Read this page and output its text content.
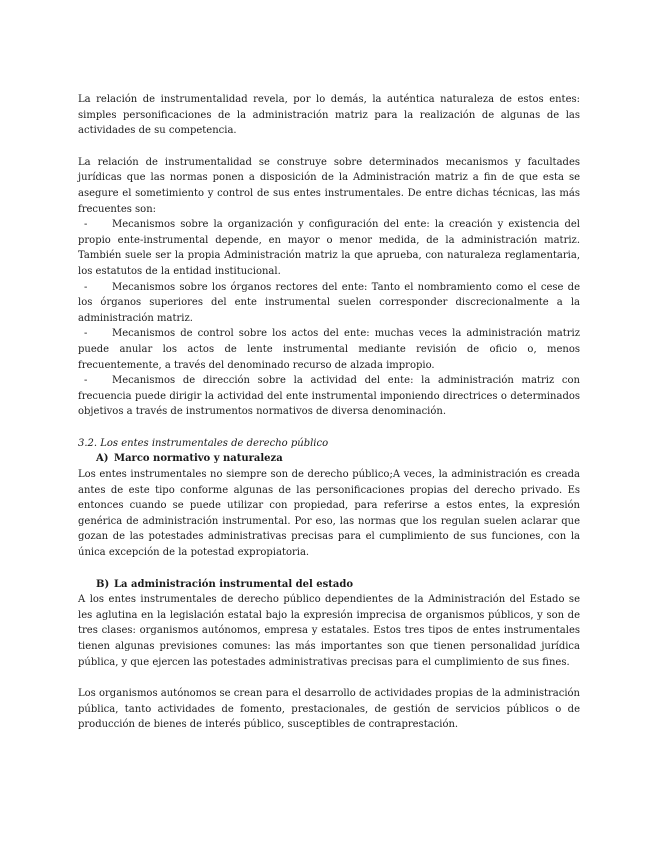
La relación de instrumentalidad revela, por lo demás, la auténtica naturaleza de estos entes: simples personificaciones de la administración matriz para la realización de algunas de las actividades de su competencia.

La relación de instrumentalidad se construye sobre determinados mecanismos y facultades jurídicas que las normas ponen a disposición de la Administración matriz a fin de que esta se asegure el sometimiento y control de sus entes instrumentales. De entre dichas técnicas, las más frecuentes son:

- Mecanismos sobre la organización y configuración del ente: la creación y existencia del propio ente-instrumental depende, en mayor o menor medida, de la administración matriz. También suele ser la propia Administración matriz la que aprueba, con naturaleza reglamentaria, los estatutos de la entidad institucional.

- Mecanismos sobre los órganos rectores del ente: Tanto el nombramiento como el cese de los órganos superiores del ente instrumental suelen corresponder discrecionalmente a la administración matriz.

- Mecanismos de control sobre los actos del ente: muchas veces la administración matriz puede anular los actos de lente instrumental mediante revisión de oficio o, menos frecuentemente, a través del denominado recurso de alzada impropio.

- Mecanismos de dirección sobre la actividad del ente: la administración matriz con frecuencia puede dirigir la actividad del ente instrumental imponiendo directrices o determinados objetivos a través de instrumentos normativos de diversa denominación.

3.2. Los entes instrumentales de derecho público

A) Marco normativo y naturaleza

Los entes instrumentales no siempre son de derecho público;A veces, la administración es creada antes de este tipo conforme algunas de las personificaciones propias del derecho privado. Es entonces cuando se puede utilizar con propiedad, para referirse a estos entes, la expresión genérica de administración instrumental. Por eso, las normas que los regulan suelen aclarar que gozan de las potestades administrativas precisas para el cumplimiento de sus funciones, con la única excepción de la potestad expropiatoria.

B) La administración instrumental del estado

A los entes instrumentales de derecho público dependientes de la Administración del Estado se les aglutina en la legislación estatal bajo la expresión imprecisa de organismos públicos, y son de tres clases: organismos autónomos, empresa y estatales. Estos tres tipos de entes instrumentales tienen algunas previsiones comunes: las más importantes son que tienen personalidad jurídica pública, y que ejercen las potestades administrativas precisas para el cumplimiento de sus fines.

Los organismos autónomos se crean para el desarrollo de actividades propias de la administración pública, tanto actividades de fomento, prestacionales, de gestión de servicios públicos o de producción de bienes de interés público, susceptibles de contraprestación.
